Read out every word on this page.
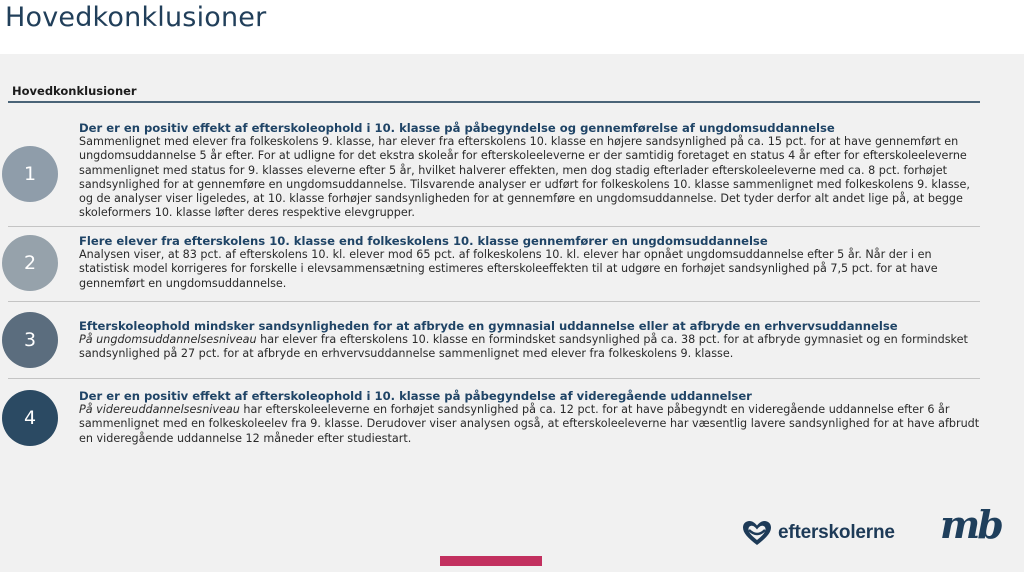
Hovedkonklusioner
Hovedkonklusioner
1
Der er en positiv effekt af efterskoleophold i 10. klasse på påbegyndelse og gennemførelse af ungdomsuddannelse
Sammenlignet med elever fra folkeskolens 9. klasse, har elever fra efterskolens 10. klasse en højere sandsynlighed på ca. 15 pct. for at have gennemført en ungdomsuddannelse 5 år efter. For at udligne for det ekstra skoleår for efterskoleeleverne er der samtidig foretaget en status 4 år efter for efterskoleeleverne sammenlignet med status for 9. klasses eleverne efter 5 år, hvilket halverer effekten, men dog stadig efterlader efterskoleeleverne med ca. 8 pct. forhøjet sandsynlighed for at gennemføre en ungdomsuddannelse. Tilsvarende analyser er udført for folkeskolens 10. klasse sammenlignet med folkeskolens 9. klasse, og de analyser viser ligeledes, at 10. klasse forhøjer sandsynligheden for at gennemføre en ungdomsuddannelse. Det tyder derfor alt andet lige på, at begge skoleformers 10. klasse løfter deres respektive elevgrupper.
2
Flere elever fra efterskolens 10. klasse end folkeskolens 10. klasse gennemfører en ungdomsuddannelse
Analysen viser, at 83 pct. af efterskolens 10. kl. elever mod 65 pct. af folkeskolens 10. kl. elever har opnået ungdomsuddannelse efter 5 år. Når der i en statistisk model korrigeres for forskelle i elevsammensætning estimeres efterskoleeffekten til at udgøre en forhøjet sandsynlighed på 7,5 pct. for at have gennemført en ungdomsuddannelse.
3
Efterskoleophold mindsker sandsynligheden for at afbryde en gymnasial uddannelse eller at afbryde en erhvervsuddannelse
På ungdomsuddannelsesniveau har elever fra efterskolens 10. klasse en formindsket sandsynlighed på ca. 38 pct. for at afbryde gymnasiet og en formindsket sandsynlighed på 27 pct. for at afbryde en erhvervsuddannelse sammenlignet med elever fra folkeskolens 9. klasse.
4
Der er en positiv effekt af efterskoleophold i 10. klasse på påbegyndelse af videregående uddannelser
På videreuddannelsesniveau har efterskoleeleverne en forhøjet sandsynlighed på ca. 12 pct. for at have påbegyndt en videregående uddannelse efter 6 år sammenlignet med en folkeskoleelev fra 9. klasse. Derudover viser analysen også, at efterskoleeleverne har væsentlig lavere sandsynlighed for at have afbrudt en videregående uddannelse 12 måneder efter studiestart.
efterskolerne mb
